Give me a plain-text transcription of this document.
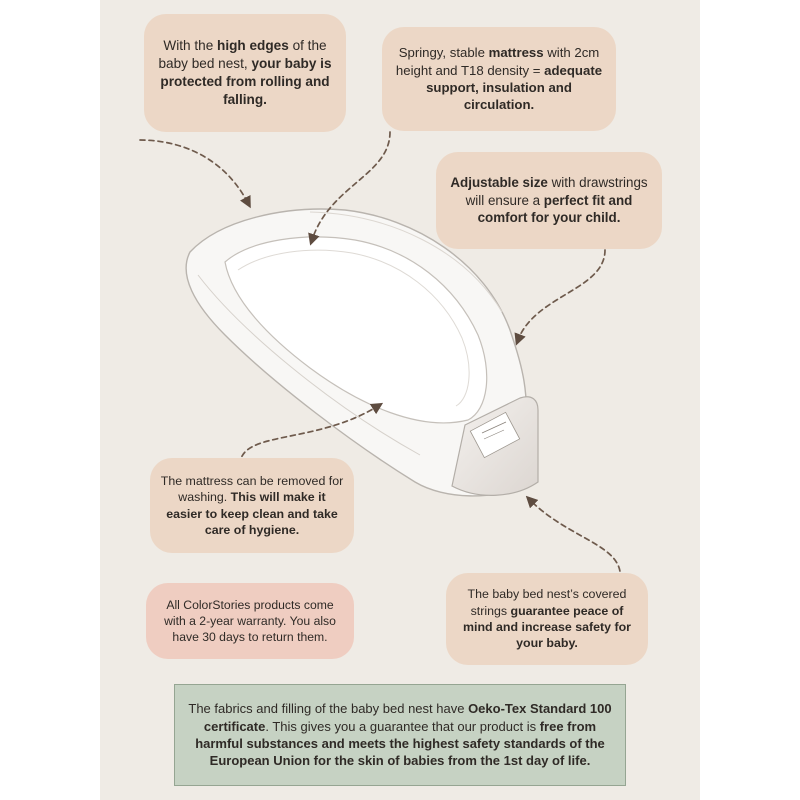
With the high edges of the baby bed nest, your baby is protected from rolling and falling.
Springy, stable mattress with 2cm height and T18 density = adequate support, insulation and circulation.
Adjustable size with drawstrings will ensure a perfect fit and comfort for your child.
The mattress can be removed for washing. This will make it easier to keep clean and take care of hygiene.
All ColorStories products come with a 2-year warranty. You also have 30 days to return them.
The baby bed nest’s covered strings guarantee peace of mind and increase safety for your baby.
The fabrics and filling of the baby bed nest have Oeko-Tex Standard 100 certificate. This gives you a guarantee that our product is free from harmful substances and meets the highest safety standards of the European Union for the skin of babies from the 1st day of life.
